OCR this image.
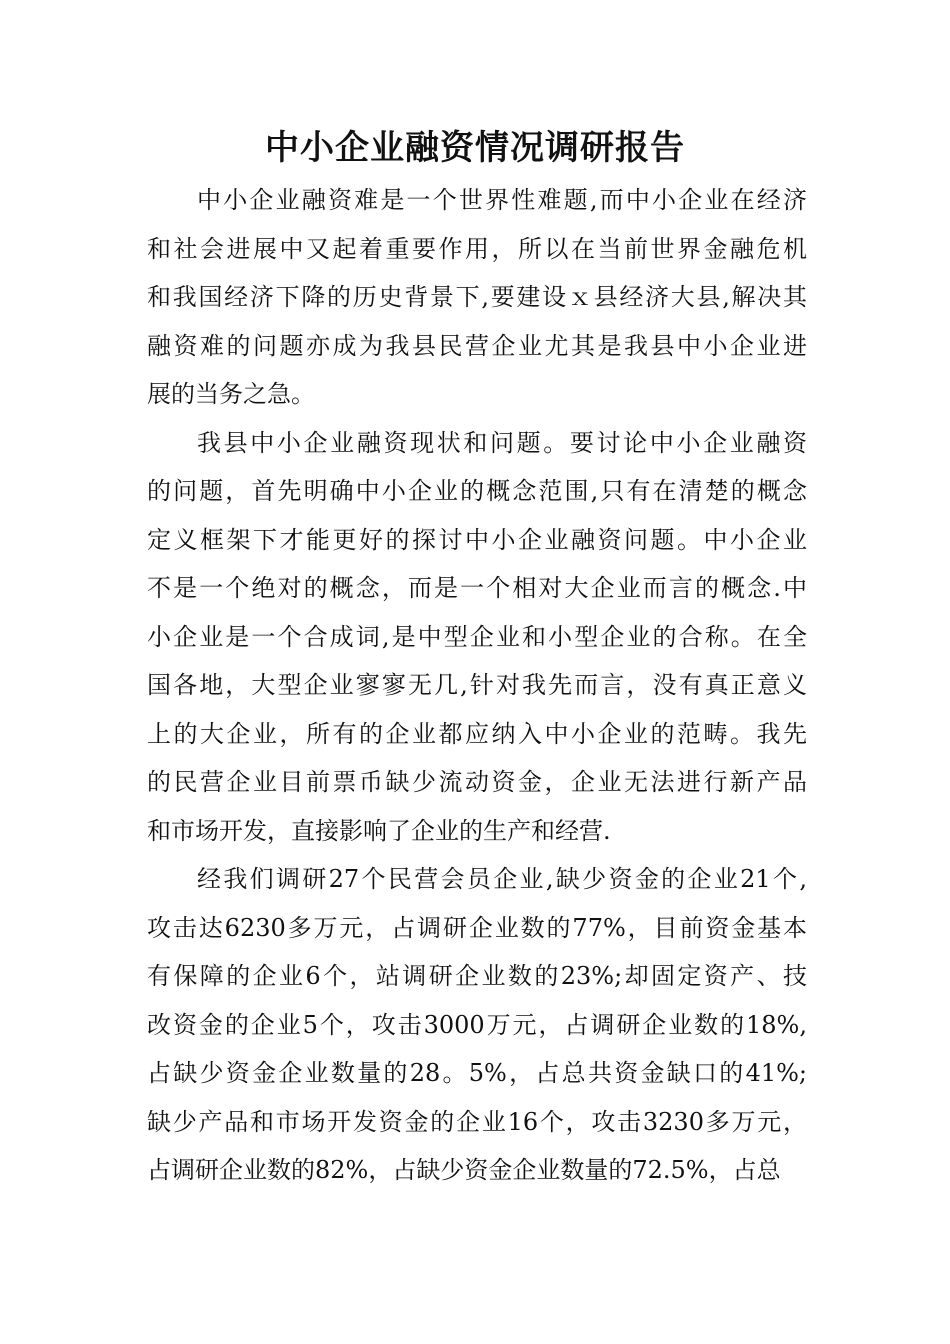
中小企业融资情况调研报告
中小企业融资难是一个世界性难题,而中小企业在经济
和社会进展中又起着重要作用，所以在当前世界金融危机
和我国经济下降的历史背景下,要建设ｘ县经济大县,解决其
融资难的问题亦成为我县民营企业尤其是我县中小企业进
展的当务之急。
我县中小企业融资现状和问题。要讨论中小企业融资
的问题，首先明确中小企业的概念范围,只有在清楚的概念
定义框架下才能更好的探讨中小企业融资问题。中小企业
不是一个绝对的概念，而是一个相对大企业而言的概念.中
小企业是一个合成词,是中型企业和小型企业的合称。在全
国各地，大型企业寥寥无几,针对我先而言，没有真正意义
上的大企业，所有的企业都应纳入中小企业的范畴。我先
的民营企业目前票币缺少流动资金，企业无法进行新产品
和市场开发，直接影响了企业的生产和经营.
经我们调研27个民营会员企业,缺少资金的企业21个,
攻击达6230多万元，占调研企业数的77%，目前资金基本
有保障的企业6个，站调研企业数的23%;却固定资产、技
改资金的企业5个，攻击3000万元，占调研企业数的18%,
占缺少资金企业数量的28。5%，占总共资金缺口的41%;
缺少产品和市场开发资金的企业16个，攻击3230多万元，
占调研企业数的82%，占缺少资金企业数量的72.5%，占总
